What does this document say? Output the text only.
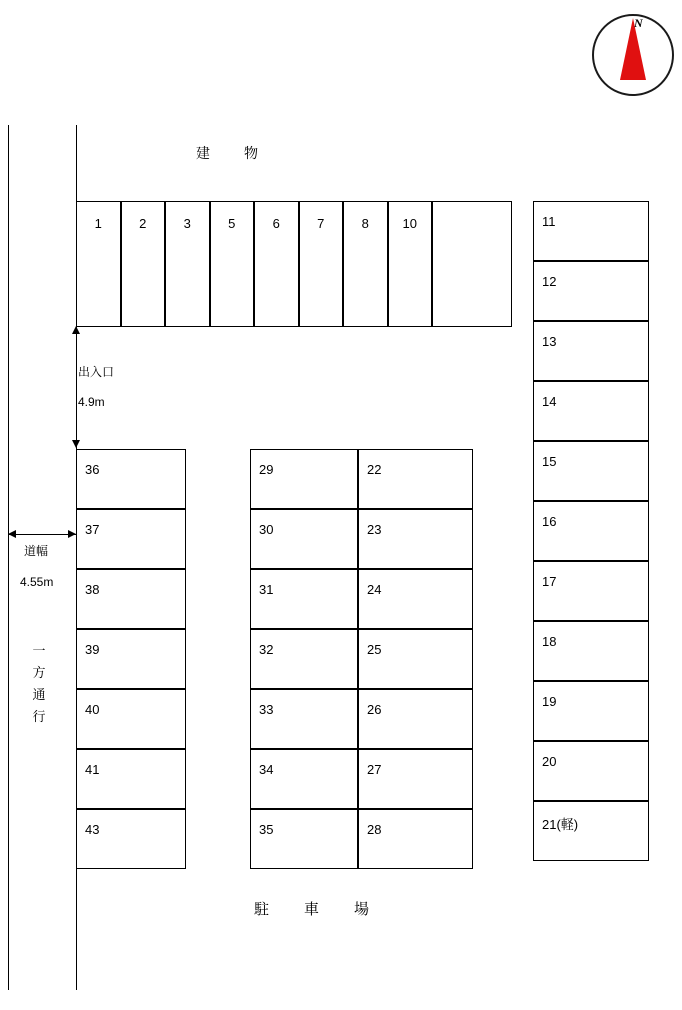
N
建　物
駐　車　場
出入口
4.9m
道幅
4.55m
一方通行
1	2	3	5	6	7	8	10	11
12
13
14
15
16
17
18
19
20
21(軽)
36
37
38
39
40
41
43
29
30
31
32
33
34
35
22
23
24
25
26
27
28
